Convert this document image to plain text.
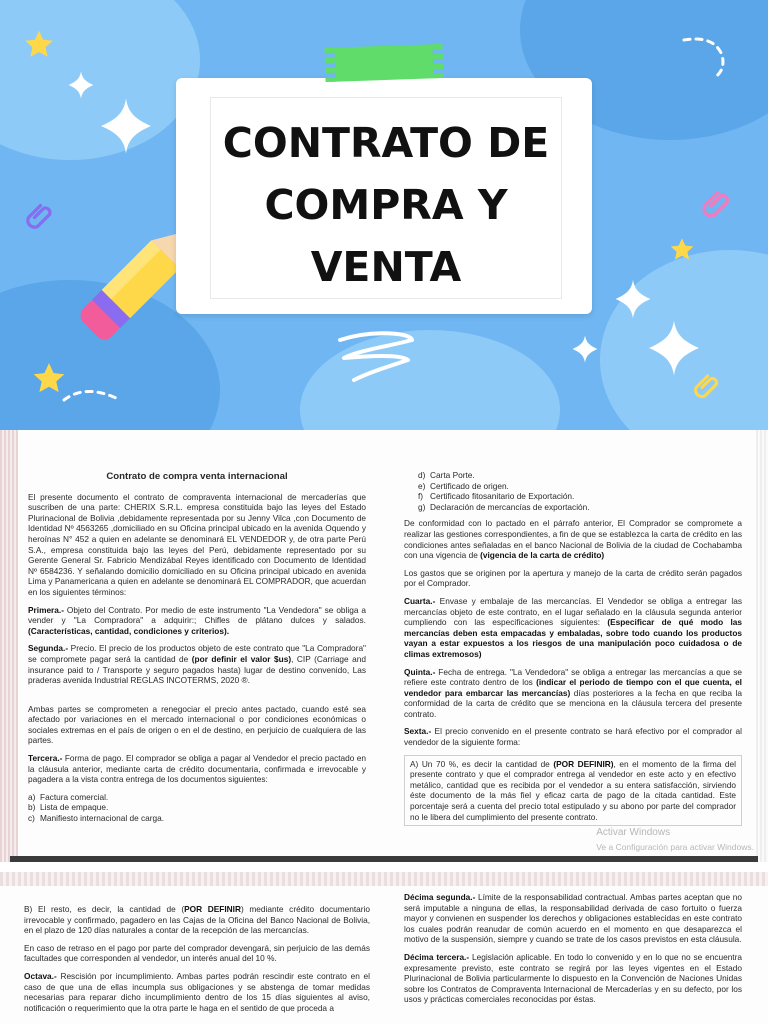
CONTRATO DE
COMPRA Y
VENTA

Contrato de compra venta internacional

El presente documento el contrato de compraventa internacional de mercaderías que suscriben de una parte: CHERIX S.R.L. empresa constituida bajo las leyes del Estado Plurinacional de Bolivia ,debidamente representada por su Jenny Vilca ,con Documento de Identidad Nº 4563265 ,domiciliado en su Oficina principal ubicado en la avenida Oquendo y heroínas N° 452 a quien en adelante se denominará EL VENDEDOR y, de otra parte Perú S.A., empresa constituida bajo las leyes del Perú, debidamente representado por su Gerente General Sr. Fabricio Mendizábal Reyes identificado con Documento de Identidad Nº 6584236. Y señalando domicilio domiciliado en su Oficina principal ubicado en avenida Lima y Panamericana a quien en adelante se denominará EL COMPRADOR, que acuerdan en los siguientes términos:

Primera.- Objeto del Contrato. Por medio de este instrumento "La Vendedora" se obliga a vender y "La Compradora" a adquirir:; Chifles de plátano dulces y salados. (Características, cantidad, condiciones y criterios).

Segunda.- Precio. El precio de los productos objeto de este contrato que "La Compradora" se compromete pagar será la cantidad de (por definir el valor $us), CIP (Carriage and insurance paid to / Transporte y seguro pagados hasta) lugar de destino convenido, Las praderas avenida Industrial REGLAS INCOTERMS, 2020 ®.

Ambas partes se comprometen a renegociar el precio antes pactado, cuando esté sea afectado por variaciones en el mercado internacional o por condiciones económicas o sociales extremas en el país de origen o en el de destino, en perjuicio de cualquiera de las partes.

Tercera.- Forma de pago. El comprador se obliga a pagar al Vendedor el precio pactado en la cláusula anterior, mediante carta de crédito documentaria, confirmada e irrevocable y pagadera a la vista contra entrega de los documentos siguientes:

a) Factura comercial.
b) Lista de empaque.
c) Manifiesto internacional de carga.
d) Carta Porte.
e) Certificado de origen.
f) Certificado fitosanitario de Exportación.
g) Declaración de mercancías de exportación.

De conformidad con lo pactado en el párrafo anterior, El Comprador se compromete a realizar las gestiones correspondientes, a fin de que se establezca la carta de crédito en las condiciones antes señaladas en el banco Nacional de Bolivia de la ciudad de Cochabamba con una vigencia de (vigencia de la carta de crédito)

Los gastos que se originen por la apertura y manejo de la carta de crédito serán pagados por el Comprador.

Cuarta.- Envase y embalaje de las mercancías. El Vendedor se obliga a entregar las mercancías objeto de este contrato, en el lugar señalado en la cláusula segunda anterior cumpliendo con las especificaciones siguientes: (Especificar de qué modo las mercancías deben esta empacadas y embaladas, sobre todo cuando los productos vayan a estar expuestos a los riesgos de una manipulación poco cuidadosa o de climas extremosos)

Quinta.- Fecha de entrega. "La Vendedora" se obliga a entregar las mercancías a que se refiere este contrato dentro de los (indicar el periodo de tiempo con el que cuenta, el vendedor para embarcar las mercancías) días posteriores a la fecha en que reciba la conformidad de la carta de crédito que se menciona en la cláusula tercera del presente contrato.

Sexta.- El precio convenido en el presente contrato se hará efectivo por el comprador al vendedor de la siguiente forma:

A) Un 70 %, es decir la cantidad de (POR DEFINIR), en el momento de la firma del presente contrato y que el comprador entrega al vendedor en este acto y en efectivo metálico, cantidad que es recibida por el vendedor a su entera satisfacción, sirviendo éste documento de la más fiel y eficaz carta de pago de la citada cantidad. Este porcentaje será a cuenta del precio total estipulado y su abono por parte del comprador no le libera del cumplimiento del presente contrato.

Activar Windows
Ve a Configuración para activar Windows.

B) El resto, es decir, la cantidad de (POR DEFINIR) mediante crédito documentario irrevocable y confirmado, pagadero en las Cajas de la Oficina del Banco Nacional de Bolivia, en el plazo de 120 días naturales a contar de la recepción de las mercancías.

En caso de retraso en el pago por parte del comprador devengará, sin perjuicio de las demás facultades que corresponden al vendedor, un interés anual del 10 %.

Octava.- Rescisión por incumplimiento. Ambas partes podrán rescindir este contrato en el caso de que una de ellas incumpla sus obligaciones y se abstenga de tomar medidas necesarias para reparar dicho incumplimiento dentro de los 15 días siguientes al aviso, notificación o requerimiento que la otra parte le haga en el sentido de que proceda a

Décima segunda.- Límite de la responsabilidad contractual. Ambas partes aceptan que no será imputable a ninguna de ellas, la responsabilidad derivada de caso fortuito o fuerza mayor y convienen en suspender los derechos y obligaciones establecidas en este contrato los cuales podrán reanudar de común acuerdo en el momento en que desaparezca el motivo de la suspensión, siempre y cuando se trate de los casos previstos en esta cláusula.

Décima tercera.- Legislación aplicable. En todo lo convenido y en lo que no se encuentra expresamente previsto, este contrato se regirá por las leyes vigentes en el Estado Plurinacional de Bolivia particularmente lo dispuesto en la Convención de Naciones Unidas sobre los Contratos de Compraventa Internacional de Mercaderías y en su defecto, por los usos y prácticas comerciales reconocidas por éstas.
